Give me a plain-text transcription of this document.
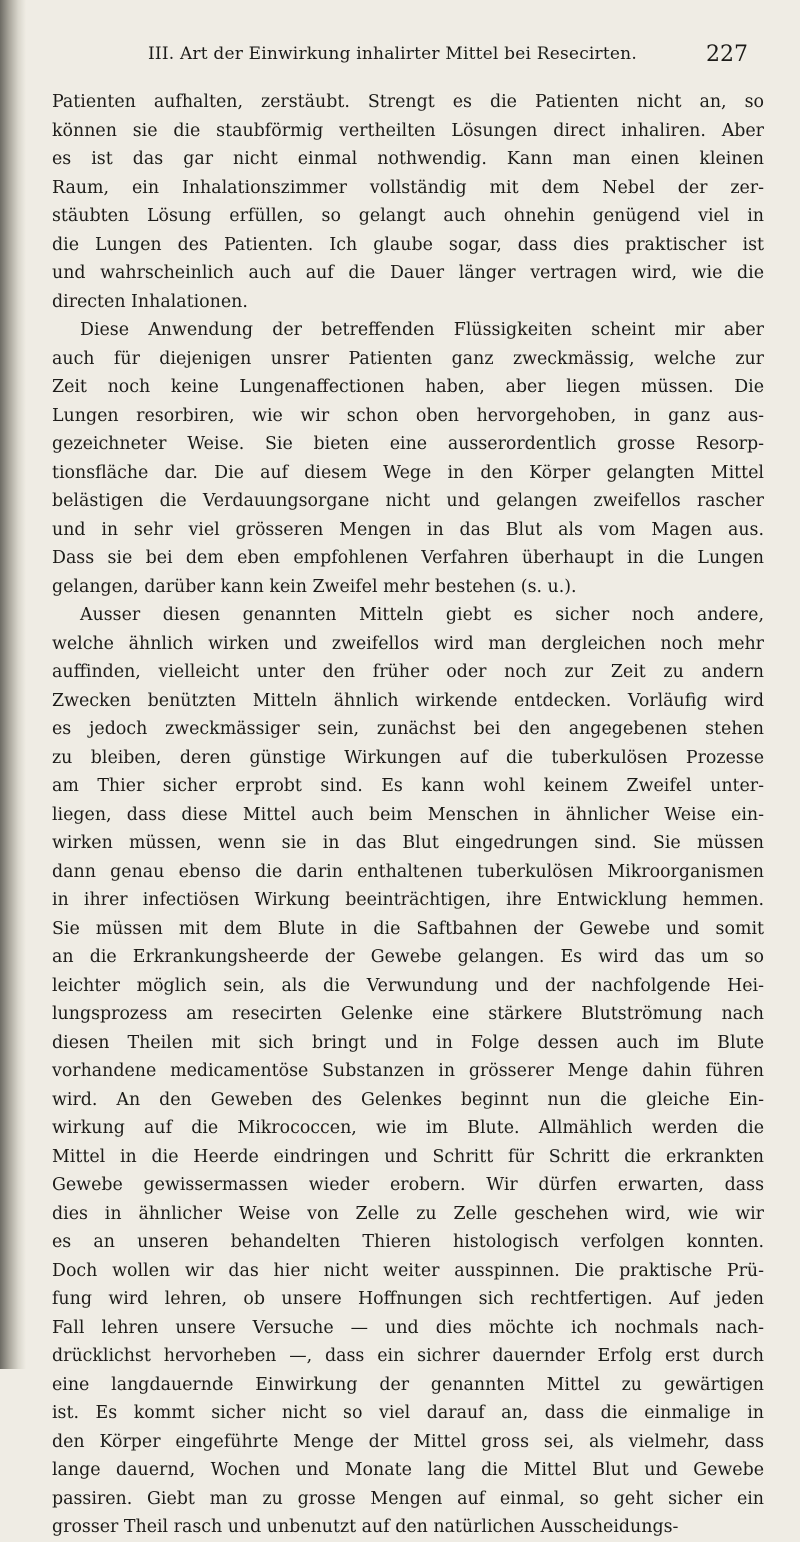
III. Art der Einwirkung inhalirter Mittel bei Resecirten.	227
Patienten aufhalten, zerstäubt. Strengt es die Patienten nicht an, so
können sie die staubförmig vertheilten Lösungen direct inhaliren. Aber
es ist das gar nicht einmal nothwendig. Kann man einen kleinen
Raum, ein Inhalationszimmer vollständig mit dem Nebel der zer-
stäubten Lösung erfüllen, so gelangt auch ohnehin genügend viel in
die Lungen des Patienten. Ich glaube sogar, dass dies praktischer ist
und wahrscheinlich auch auf die Dauer länger vertragen wird, wie die
directen Inhalationen.
Diese Anwendung der betreffenden Flüssigkeiten scheint mir aber
auch für diejenigen unsrer Patienten ganz zweckmässig, welche zur
Zeit noch keine Lungenaffectionen haben, aber liegen müssen. Die
Lungen resorbiren, wie wir schon oben hervorgehoben, in ganz aus-
gezeichneter Weise. Sie bieten eine ausserordentlich grosse Resorp-
tionsfläche dar. Die auf diesem Wege in den Körper gelangten Mittel
belästigen die Verdauungsorgane nicht und gelangen zweifellos rascher
und in sehr viel grösseren Mengen in das Blut als vom Magen aus.
Dass sie bei dem eben empfohlenen Verfahren überhaupt in die Lungen
gelangen, darüber kann kein Zweifel mehr bestehen (s. u.).
Ausser diesen genannten Mitteln giebt es sicher noch andere,
welche ähnlich wirken und zweifellos wird man dergleichen noch mehr
auffinden, vielleicht unter den früher oder noch zur Zeit zu andern
Zwecken benützten Mitteln ähnlich wirkende entdecken. Vorläufig wird
es jedoch zweckmässiger sein, zunächst bei den angegebenen stehen
zu bleiben, deren günstige Wirkungen auf die tuberkulösen Prozesse
am Thier sicher erprobt sind. Es kann wohl keinem Zweifel unter-
liegen, dass diese Mittel auch beim Menschen in ähnlicher Weise ein-
wirken müssen, wenn sie in das Blut eingedrungen sind. Sie müssen
dann genau ebenso die darin enthaltenen tuberkulösen Mikroorganismen
in ihrer infectiösen Wirkung beeinträchtigen, ihre Entwicklung hemmen.
Sie müssen mit dem Blute in die Saftbahnen der Gewebe und somit
an die Erkrankungsheerde der Gewebe gelangen. Es wird das um so
leichter möglich sein, als die Verwundung und der nachfolgende Hei-
lungsprozess am resecirten Gelenke eine stärkere Blutströmung nach
diesen Theilen mit sich bringt und in Folge dessen auch im Blute
vorhandene medicamentöse Substanzen in grösserer Menge dahin führen
wird. An den Geweben des Gelenkes beginnt nun die gleiche Ein-
wirkung auf die Mikrococcen, wie im Blute. Allmählich werden die
Mittel in die Heerde eindringen und Schritt für Schritt die erkrankten
Gewebe gewissermassen wieder erobern. Wir dürfen erwarten, dass
dies in ähnlicher Weise von Zelle zu Zelle geschehen wird, wie wir
es an unseren behandelten Thieren histologisch verfolgen konnten.
Doch wollen wir das hier nicht weiter ausspinnen. Die praktische Prü-
fung wird lehren, ob unsere Hoffnungen sich rechtfertigen. Auf jeden
Fall lehren unsere Versuche — und dies möchte ich nochmals nach-
drücklichst hervorheben —, dass ein sichrer dauernder Erfolg erst durch
eine langdauernde Einwirkung der genannten Mittel zu gewärtigen
ist. Es kommt sicher nicht so viel darauf an, dass die einmalige in
den Körper eingeführte Menge der Mittel gross sei, als vielmehr, dass
lange dauernd, Wochen und Monate lang die Mittel Blut und Gewebe
passiren. Giebt man zu grosse Mengen auf einmal, so geht sicher ein
grosser Theil rasch und unbenutzt auf den natürlichen Ausscheidungs-
